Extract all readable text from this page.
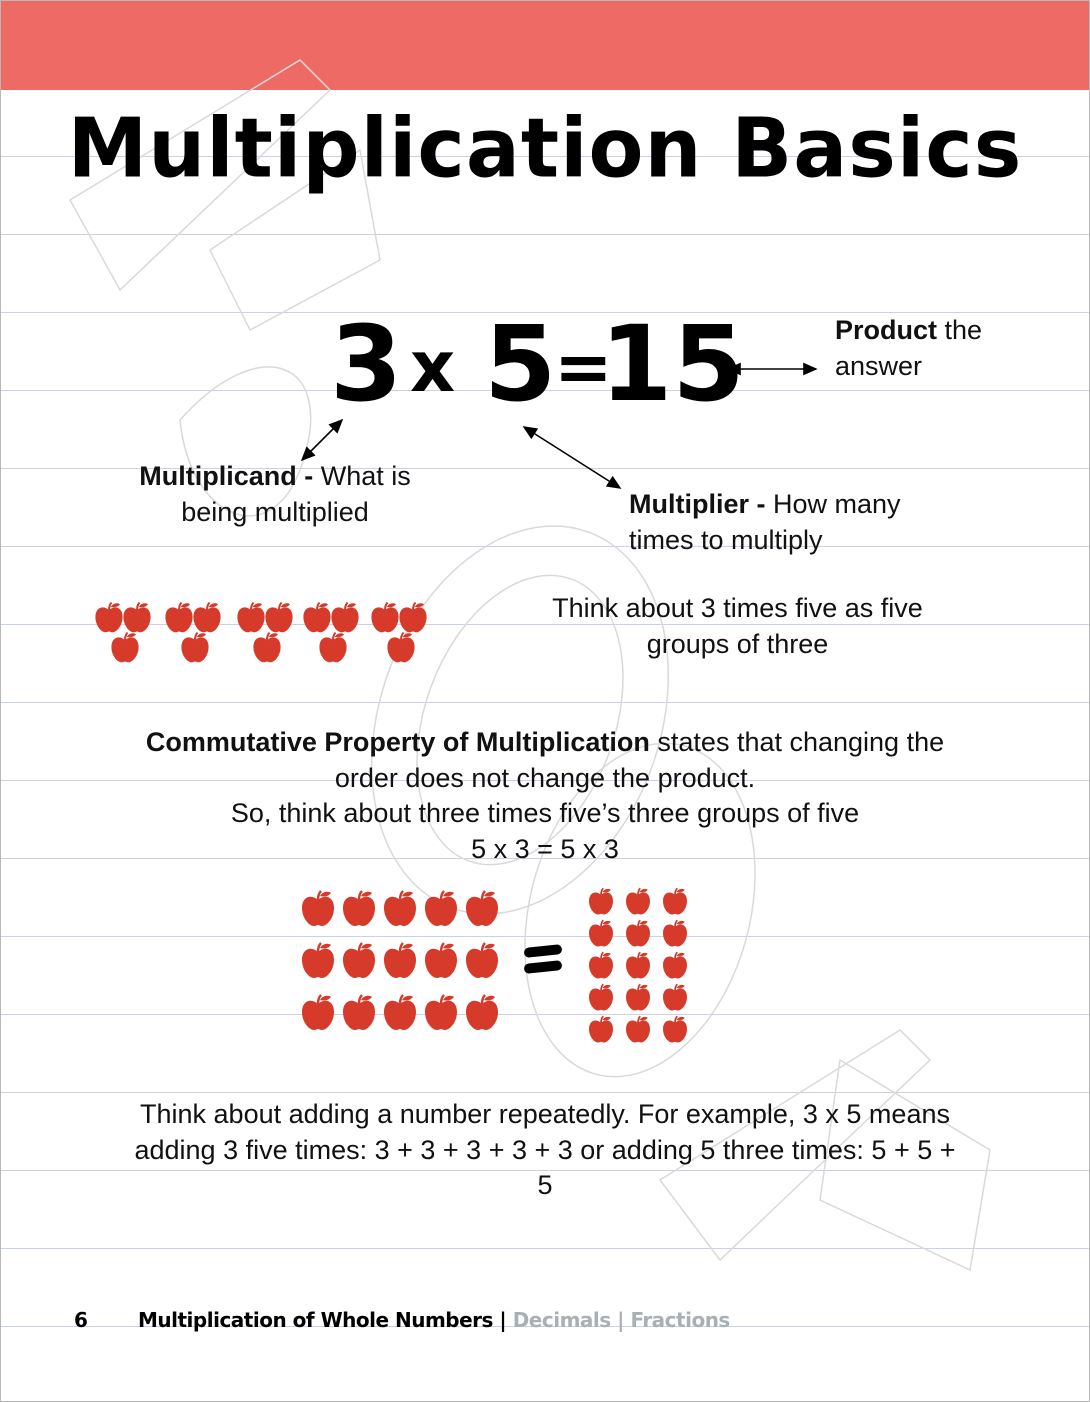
Multiplication Basics
3 x 5
=
15	Product the
answer
Multiplicand - What is
being multiplied	Multiplier - How many
times to multiply
Think about 3 times five as five
groups of three
Commutative Property of Multiplication states that changing the
order does not change the product.
So, think about three times five’s three groups of five
5 x 3 = 5 x 3
Think about adding a number repeatedly. For example, 3 x 5 means
adding 3 five times: 3 + 3 + 3 + 3 + 3 or adding 5 three times: 5 + 5 +
5
6	Multiplication of Whole Numbers | Decimals | Fractions
